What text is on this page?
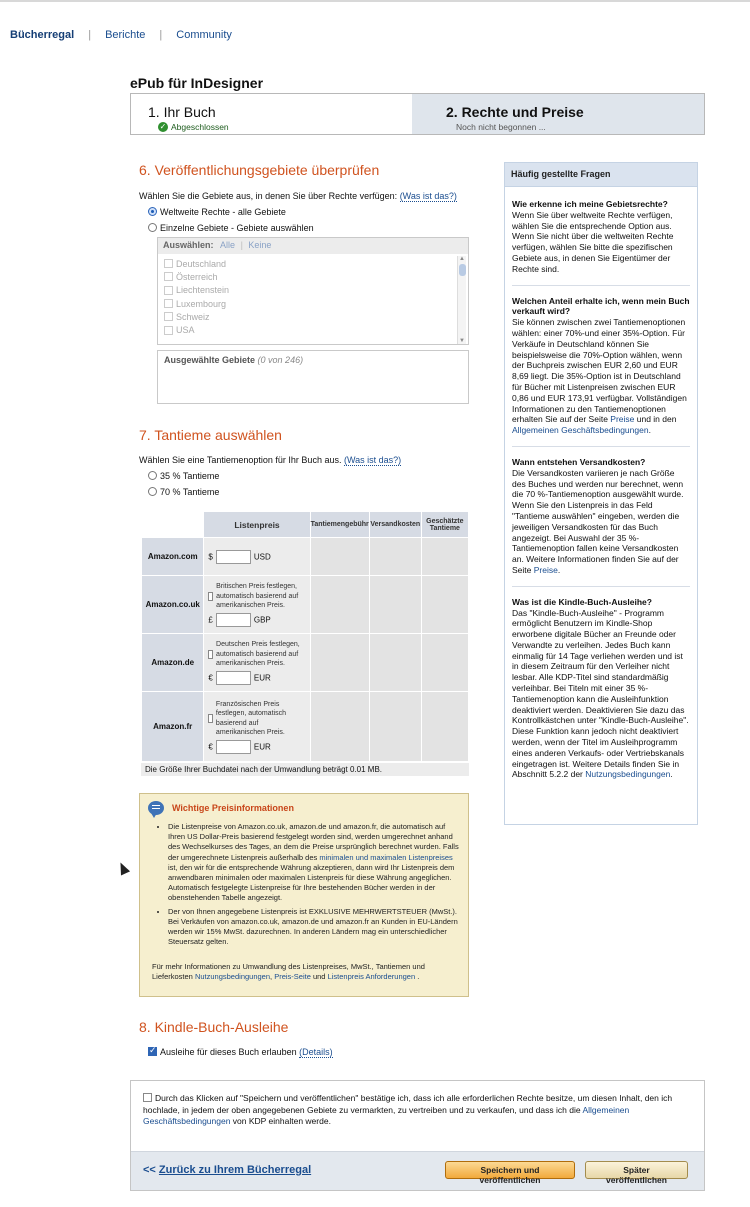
Bücherregal | Berichte | Community
ePub für InDesigner
1. Ihr Buch
✓ Abgeschlossen
2. Rechte und Preise
Noch nicht begonnen ...
6. Veröffentlichungsgebiete überprüfen
Wählen Sie die Gebiete aus, in denen Sie über Rechte verfügen: (Was ist das?)
Weltweite Rechte - alle Gebiete
Einzelne Gebiete - Gebiete auswählen
Auswählen: Alle | Keine
Deutschland
Österreich
Liechtenstein
Luxembourg
Schweiz
USA
▲
▼
Ausgewählte Gebiete (0 von 246)
7. Tantieme auswählen
Wählen Sie eine Tantiemenoption für Ihr Buch aus. (Was ist das?)
35 % Tantieme
70 % Tantieme
	Listenpreis	Tantiemengebühr	Versandkosten	Geschätzte Tantieme
Amazon.com	$ USD			
Amazon.co.uk	Britischen Preis festlegen, automatisch basierend auf amerikanischen Preis.
£ GBP			

Amazon.de	Deutschen Preis festlegen, automatisch basierend auf amerikanischen Preis.
€ EUR			

Amazon.fr	Französischen Preis festlegen, automatisch basierend auf amerikanischen Preis.
€ EUR			

Die Größe Ihrer Buchdatei nach der Umwandlung beträgt 0.01 MB.
Wichtige Preisinformationen
• Die Listenpreise von Amazon.co.uk, amazon.de und amazon.fr, die automatisch auf Ihren US Dollar-Preis basierend festgelegt worden sind, werden umgerechnet anhand des Wechselkurses des Tages, an dem die Preise ursprünglich berechnet wurden. Falls der umgerechnete Listenpreis außerhalb des minimalen und maximalen Listenpreises ist, den wir für die entsprechende Währung akzeptieren, dann wird Ihr Listenpreis dem anwendbaren minimalen oder maximalen Listenpreis für diese Währung angeglichen. Automatisch festgelegte Listenpreise für Ihre bestehenden Bücher werden in der obenstehenden Tabelle angezeigt.
• Der von Ihnen angegebene Listenpreis ist EXKLUSIVE MEHRWERTSTEUER (MwSt.). Bei Verkäufen von amazon.co.uk, amazon.de und amazon.fr an Kunden in EU-Ländern werden wir 15% MwSt. dazurechnen. In anderen Ländern mag ein unterschiedlicher Steuersatz gelten.
Für mehr Informationen zu Umwandlung des Listenpreises, MwSt., Tantiemen und Lieferkosten Nutzungsbedingungen, Preis-Seite und Listenpreis Anforderungen .
8. Kindle-Buch-Ausleihe
✓Ausleihe für dieses Buch erlauben (Details)
Häufig gestellte Fragen
Wie erkenne ich meine Gebietsrechte?
Wenn Sie über weltweite Rechte verfügen, wählen Sie die entsprechende Option aus. Wenn Sie nicht über die weltweiten Rechte verfügen, wählen Sie bitte die spezifischen Gebiete aus, in denen Sie Eigentümer der Rechte sind.
Welchen Anteil erhalte ich, wenn mein Buch verkauft wird?
Sie können zwischen zwei Tantiemenoptionen wählen: einer 70%-und einer 35%-Option. Für Verkäufe in Deutschland können Sie beispielsweise die 70%-Option wählen, wenn der Buchpreis zwischen EUR 2,60 und EUR 8,69 liegt. Die 35%-Option ist in Deutschland für Bücher mit Listenpreisen zwischen EUR 0,86 und EUR 173,91 verfügbar. Vollständigen Informationen zu den Tantiemenoptionen erhalten Sie auf der Seite Preise und in den Allgemeinen Geschäftsbedingungen.
Wann entstehen Versandkosten?
Die Versandkosten variieren je nach Größe des Buches und werden nur berechnet, wenn die 70 %-Tantiemenoption ausgewählt wurde. Wenn Sie den Listenpreis in das Feld "Tantieme auswählen" eingeben, werden die jeweiligen Versandkosten für das Buch angezeigt. Bei Auswahl der 35 %-Tantiemenoption fallen keine Versandkosten an. Weitere Informationen finden Sie auf der Seite Preise.
Was ist die Kindle-Buch-Ausleihe?
Das "Kindle-Buch-Ausleihe" - Programm ermöglicht Benutzern im Kindle-Shop erworbene digitale Bücher an Freunde oder Verwandte zu verleihen. Jedes Buch kann einmalig für 14 Tage verliehen werden und ist in diesem Zeitraum für den Verleiher nicht lesbar. Alle KDP-Titel sind standardmäßig verleihbar. Bei Titeln mit einer 35 %-Tantiemenoption kann die Ausleihfunktion deaktiviert werden. Deaktivieren Sie dazu das Kontrollkästchen unter "Kindle-Buch-Ausleihe". Diese Funktion kann jedoch nicht deaktiviert werden, wenn der Titel im Ausleihprogramm eines anderen Verkaufs- oder Vertriebskanals eingetragen ist. Weitere Details finden Sie in Abschnitt 5.2.2 der Nutzungsbedingungen.
Durch das Klicken auf "Speichern und veröffentlichen" bestätige ich, dass ich alle erforderlichen Rechte besitze, um diesen Inhalt, den ich hochlade, in jedem der oben angegebenen Gebiete zu vermarkten, zu vertreiben und zu verkaufen, und dass ich die Allgemeinen Geschäftsbedingungen von KDP einhalten werde.
<< Zurück zu Ihrem Bücherregal	Speichern und veröffentlichen
Später veröffentlichen
